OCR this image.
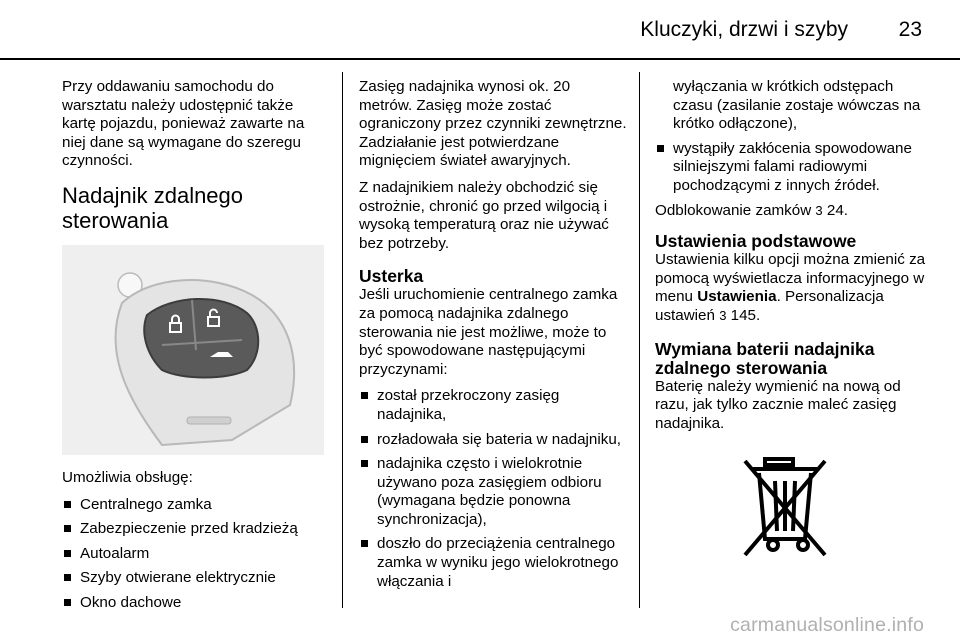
Kluczyki, drzwi i szyby 23

Przy oddawaniu samochodu do warsztatu należy udostępnić także kartę pojazdu, ponieważ zawarte na niej dane są wymagane do szeregu czynności.

Nadajnik zdalnego sterowania

Umożliwia obsługę:

Centralnego zamka
Zabezpieczenie przed kradzieżą
Autoalarm
Szyby otwierane elektrycznie
Okno dachowe

Zasięg nadajnika wynosi ok. 20 metrów. Zasięg może zostać ograniczony przez czynniki zewnętrzne. Zadziałanie jest potwierdzane mignięciem świateł awaryjnych.

Z nadajnikiem należy obchodzić się ostrożnie, chronić go przed wilgocią i wysoką temperaturą oraz nie używać bez potrzeby.

Usterka

Jeśli uruchomienie centralnego zamka za pomocą nadajnika zdalnego sterowania nie jest możliwe, może to być spowodowane następującymi przyczynami:

został przekroczony zasięg nadajnika,
rozładowała się bateria w nadajniku,
nadajnika często i wielokrotnie używano poza zasięgiem odbioru (wymagana będzie ponowna synchronizacja),
doszło do przeciążenia centralnego zamka w wyniku jego wielokrotnego włączania i
wyłączania w krótkich odstępach czasu (zasilanie zostaje wówczas na krótko odłączone),
wystąpiły zakłócenia spowodowane silniejszymi falami radiowymi pochodzącymi z innych źródeł.

Odblokowanie zamków 3 24.

Ustawienia podstawowe

Ustawienia kilku opcji można zmienić za pomocą wyświetlacza informacyjnego w menu Ustawienia. Personalizacja ustawień 3 145.

Wymiana baterii nadajnika zdalnego sterowania

Baterię należy wymienić na nową od razu, jak tylko zacznie maleć zasięg nadajnika.

carmanualsonline.info
